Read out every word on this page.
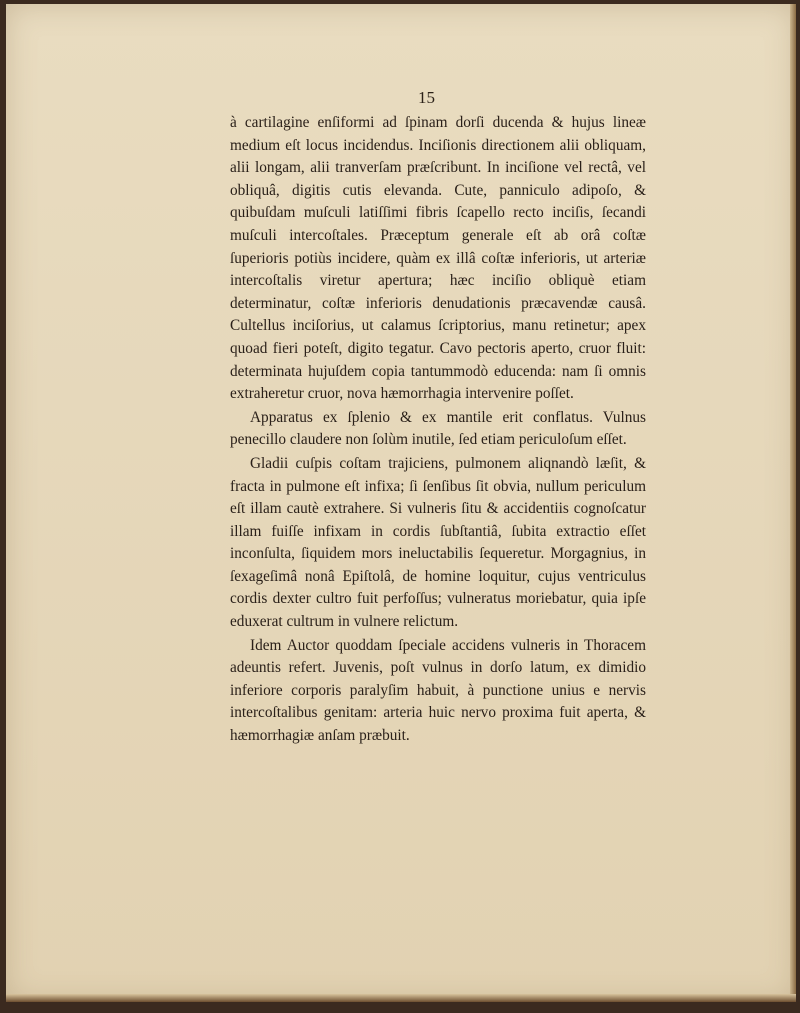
15

à cartilagine enſiformi ad ſpinam dorſi ducenda & hujus lineæ medium eſt locus incidendus. Inciſionis directionem alii obliquam, alii longam, alii tranverſam præſcribunt. In inciſione vel rectâ, vel obliquâ, digitis cutis elevanda. Cute, panniculo adipoſo, & quibuſdam muſculi latiſſimi fibris ſcapello recto inciſis, ſecandi muſculi intercoſtales. Præceptum generale eſt ab orâ coſtæ ſuperioris potiùs incidere, quàm ex illâ coſtæ inferioris, ut arteriæ intercoſtalis viretur apertura; hæc inciſio obliquè etiam determinatur, coſtæ inferioris denudationis præcavendæ causâ. Cultellus inciſorius, ut calamus ſcriptorius, manu retinetur; apex quoad fieri poteſt, digito tegatur. Cavo pectoris aperto, cruor fluit: determinata hujuſdem copia tantummodò educenda: nam ſi omnis extraheretur cruor, nova hæmorrhagia intervenire poſſet.

Apparatus ex ſplenio & ex mantile erit conflatus. Vulnus penecillo claudere non ſolùm inutile, ſed etiam periculoſum eſſet.

Gladii cuſpis coſtam trajiciens, pulmonem aliqnandò læſit, & fracta in pulmone eſt infixa; ſi ſenſibus ſit obvia, nullum periculum eſt illam cautè extrahere. Si vulneris ſitu & accidentiis cognoſcatur illam fuiſſe infixam in cordis ſubſtantiâ, ſubita extractio eſſet inconſulta, ſiquidem mors ineluctabilis ſequeretur. Morgagnius, in ſexageſimâ nonâ Epiſtolâ, de homine loquitur, cujus ventriculus cordis dexter cultro fuit perfoſſus; vulneratus moriebatur, quia ipſe eduxerat cultrum in vulnere relictum.

Idem Auctor quoddam ſpeciale accidens vulneris in Thoracem adeuntis refert. Juvenis, poſt vulnus in dorſo latum, ex dimidio inferiore corporis paralyſim habuit, à punctione unius e nervis intercoſtalibus genitam: arteria huic nervo proxima fuit aperta, & hæmorrhagiæ anſam præbuit.
